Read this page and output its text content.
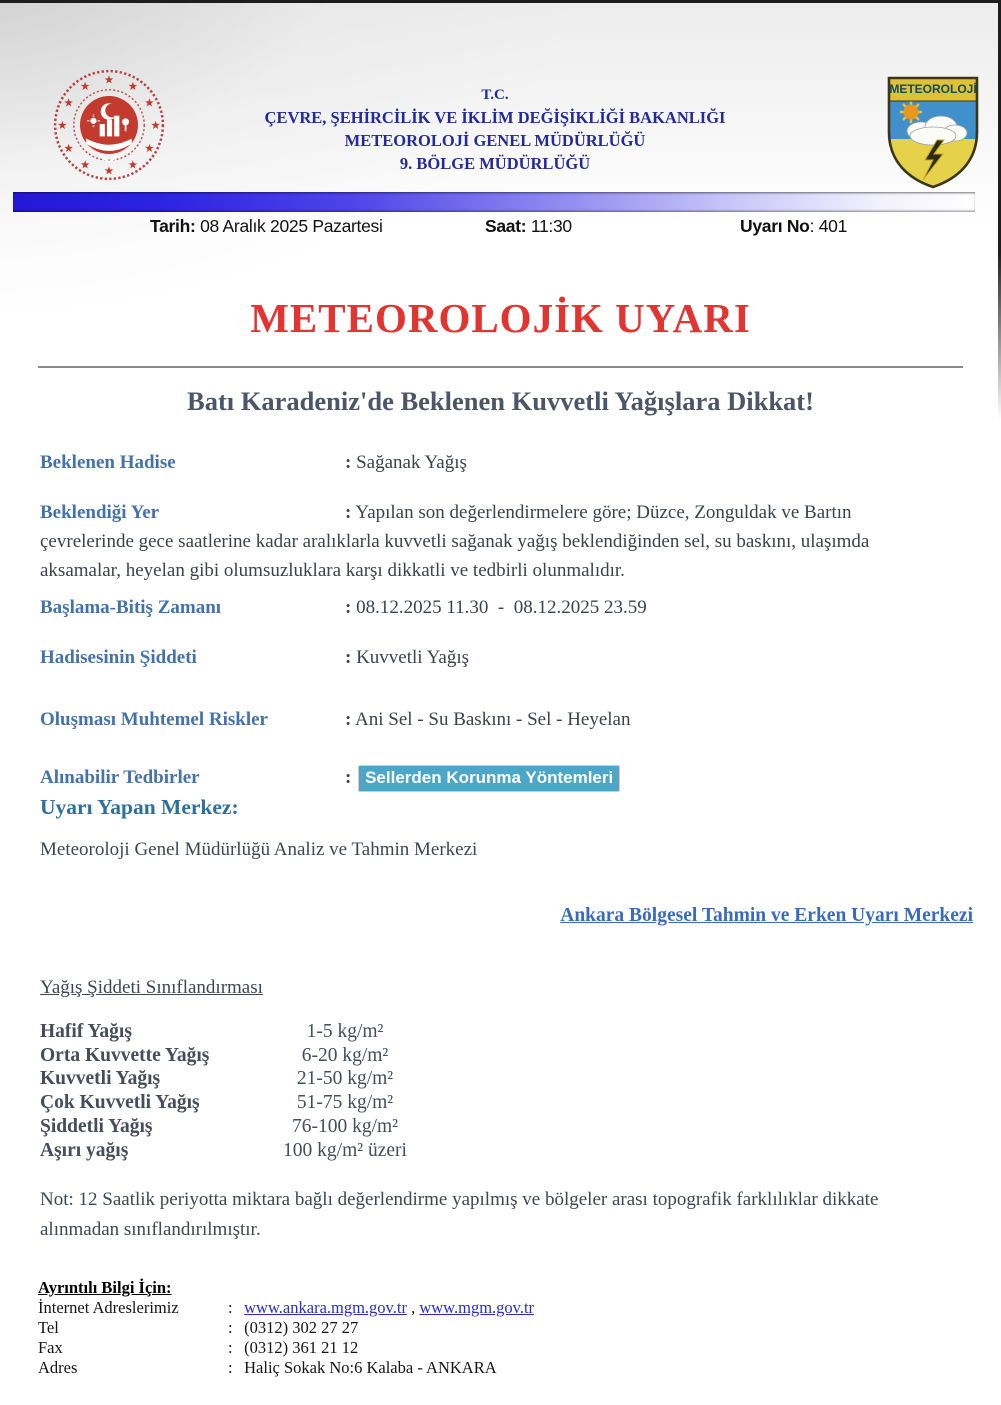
★
★
★
★
★
★
★
★
★ ★ ★
★	T.C.
ÇEVRE, ŞEHİRCİLİK VE İKLİM DEĞİŞİKLİĞİ BAKANLIĞI
METEOROLOJİ GENEL MÜDÜRLÜĞÜ
9. BÖLGE MÜDÜRLÜĞÜ
METEOROLOJİ
Tarih: 08 Aralık 2025 Pazartesi	Saat: 11:30	Uyarı No: 401
METEOROLOJİK UYARI
Batı Karadeniz'de Beklenen Kuvvetli Yağışlara Dikkat!
Beklenen Hadise	: Sağanak Yağış
Beklendiği Yer	: Yapılan son değerlendirmelere göre; Düzce, Zonguldak ve Bartın çevrelerinde gece saatlerine kadar aralıklarla kuvvetli sağanak yağış beklendiğinden sel, su baskını, ulaşımda aksamalar, heyelan gibi olumsuzluklara karşı dikkatli ve tedbirli olunmalıdır.
Başlama-Bitiş Zamanı	: 08.12.2025 11.30  -  08.12.2025 23.59
Hadisesinin Şiddeti	: Kuvvetli Yağış
Oluşması Muhtemel Riskler	: Ani Sel - Su Baskını - Sel - Heyelan
Alınabilir Tedbirler	: Sellerden Korunma Yöntemleri
Uyarı Yapan Merkez:
Meteoroloji Genel Müdürlüğü Analiz ve Tahmin Merkezi
Ankara Bölgesel Tahmin ve Erken Uyarı Merkezi
Yağış Şiddeti Sınıflandırması
Hafif Yağış	1-5 kg/m²
Orta Kuvvette Yağış	6-20 kg/m²
Kuvvetli Yağış	21-50 kg/m²
Çok Kuvvetli Yağış	51-75 kg/m²
Şiddetli Yağış	76-100 kg/m²
Aşırı yağış	100 kg/m² üzeri
Not: 12 Saatlik periyotta miktara bağlı değerlendirme yapılmış ve bölgeler arası topografik farklılıklar dikkate alınmadan sınıflandırılmıştır.
Ayrıntılı Bilgi İçin:
İnternet Adreslerimiz	: www.ankara.mgm.gov.tr , www.mgm.gov.tr
Tel	: (0312) 302 27 27
Fax	: (0312) 361 21 12
Adres	: Haliç Sokak No:6 Kalaba - ANKARA
